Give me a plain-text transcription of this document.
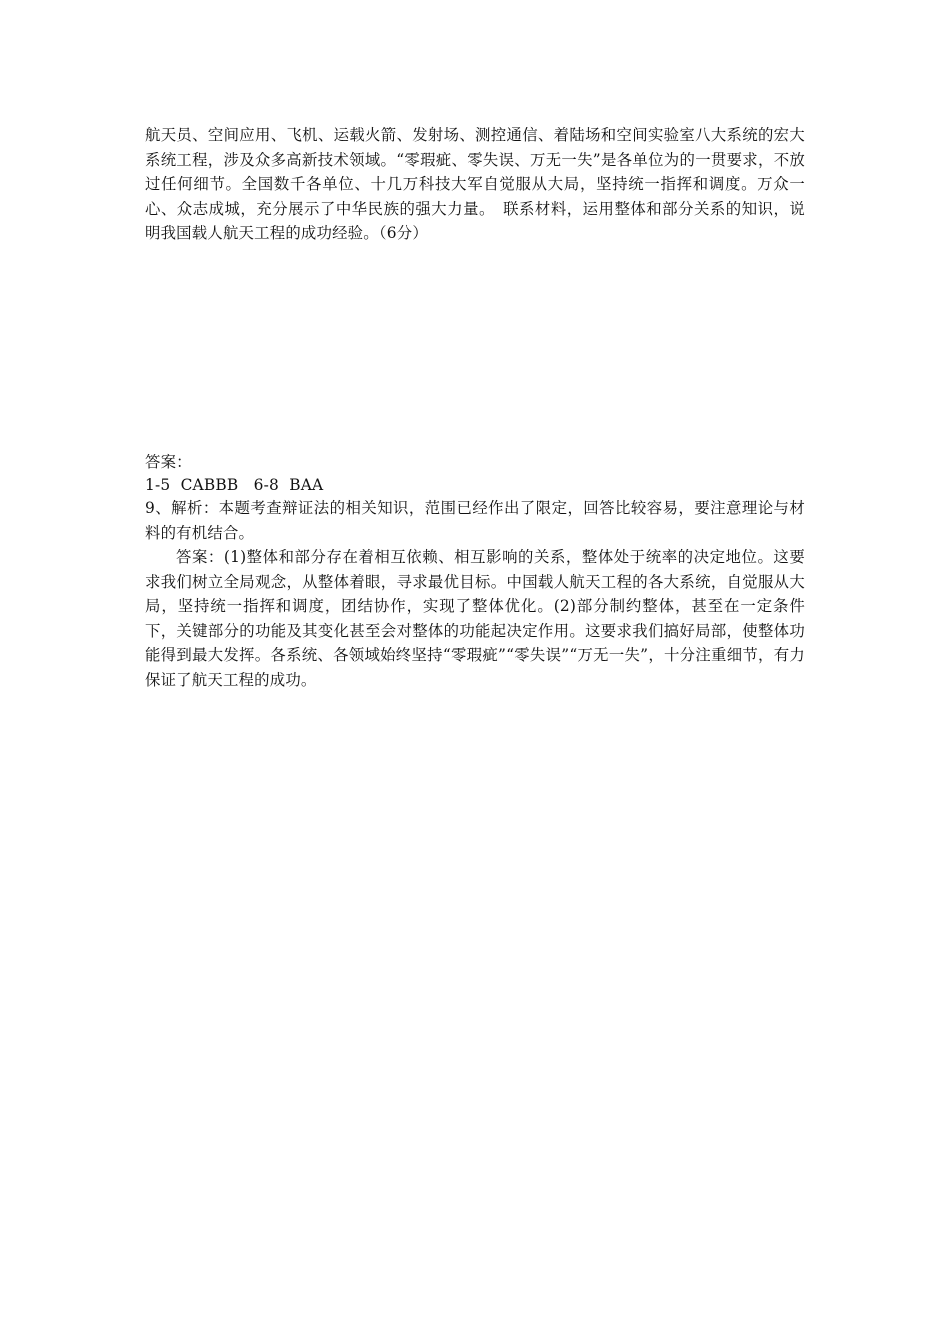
航天员、空间应用、飞机、运载火箭、发射场、测控通信、着陆场和空间实验室八大系统的宏大系统工程，涉及众多高新技术领域。“零瑕疵、零失误、万无一失”是各单位为的一贯要求，不放过任何细节。全国数千各单位、十几万科技大军自觉服从大局，坚持统一指挥和调度。万众一心、众志成城，充分展示了中华民族的强大力量。　联系材料，运用整体和部分关系的知识，说明我国载人航天工程的成功经验。（6分）
答案：
1-5  CABBB   6-8  BAA
9、解析：本题考查辩证法的相关知识，范围已经作出了限定，回答比较容易，要注意理论与材料的有机结合。
答案：(1)整体和部分存在着相互依赖、相互影响的关系，整体处于统率的决定地位。这要求我们树立全局观念，从整体着眼，寻求最优目标。中国载人航天工程的各大系统，自觉服从大局，坚持统一指挥和调度，团结协作，实现了整体优化。(2)部分制约整体，甚至在一定条件下，关键部分的功能及其变化甚至会对整体的功能起决定作用。这要求我们搞好局部，使整体功能得到最大发挥。各系统、各领域始终坚持“零瑕疵”“零失误”“万无一失”，十分注重细节，有力保证了航天工程的成功。
